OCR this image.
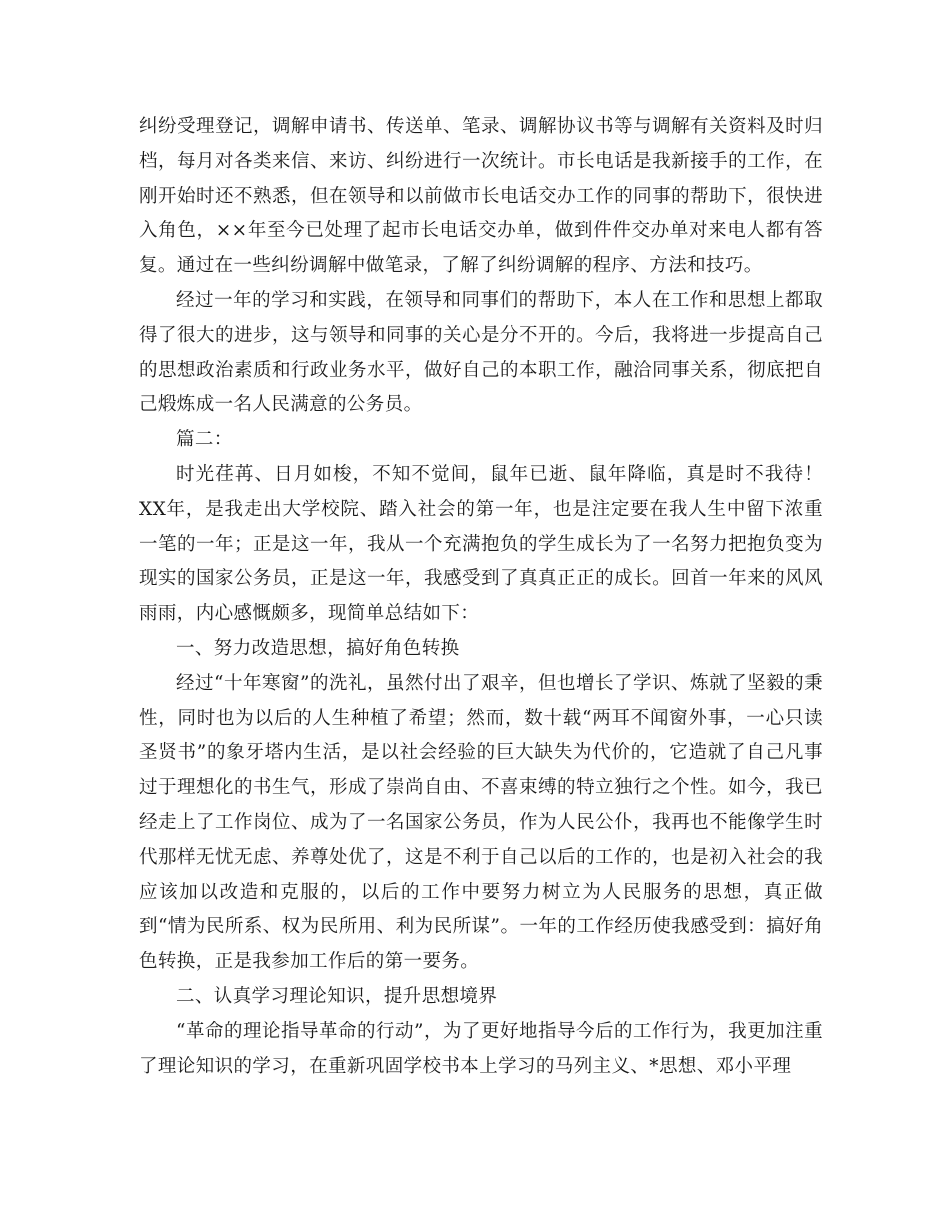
纠纷受理登记，调解申请书、传送单、笔录、调解协议书等与调解有关资料及时归档，每月对各类来信、来访、纠纷进行一次统计。市长电话是我新接手的工作，在刚开始时还不熟悉，但在领导和以前做市长电话交办工作的同事的帮助下，很快进入角色，××年至今已处理了起市长电话交办单，做到件件交办单对来电人都有答复。通过在一些纠纷调解中做笔录，了解了纠纷调解的程序、方法和技巧。

经过一年的学习和实践，在领导和同事们的帮助下，本人在工作和思想上都取得了很大的进步，这与领导和同事的关心是分不开的。今后，我将进一步提高自己的思想政治素质和行政业务水平，做好自己的本职工作，融洽同事关系，彻底把自己煅炼成一名人民满意的公务员。

篇二：

时光荏苒、日月如梭，不知不觉间，鼠年已逝、鼠年降临，真是时不我待！XX年，是我走出大学校院、踏入社会的第一年，也是注定要在我人生中留下浓重一笔的一年；正是这一年，我从一个充满抱负的学生成长为了一名努力把抱负变为现实的国家公务员，正是这一年，我感受到了真真正正的成长。回首一年来的风风雨雨，内心感慨颇多，现简单总结如下：

一、努力改造思想，搞好角色转换

经过“十年寒窗”的洗礼，虽然付出了艰辛，但也增长了学识、炼就了坚毅的秉性，同时也为以后的人生种植了希望；然而，数十载“两耳不闻窗外事，一心只读圣贤书”的象牙塔内生活，是以社会经验的巨大缺失为代价的，它造就了自己凡事过于理想化的书生气，形成了崇尚自由、不喜束缚的特立独行之个性。如今，我已经走上了工作岗位、成为了一名国家公务员，作为人民公仆，我再也不能像学生时代那样无忧无虑、养尊处优了，这是不利于自己以后的工作的，也是初入社会的我应该加以改造和克服的，以后的工作中要努力树立为人民服务的思想，真正做到“情为民所系、权为民所用、利为民所谋”。一年的工作经历使我感受到：搞好角色转换，正是我参加工作后的第一要务。

二、认真学习理论知识，提升思想境界

“革命的理论指导革命的行动”，为了更好地指导今后的工作行为，我更加注重了理论知识的学习，在重新巩固学校书本上学习的马列主义、*思想、邓小平理
